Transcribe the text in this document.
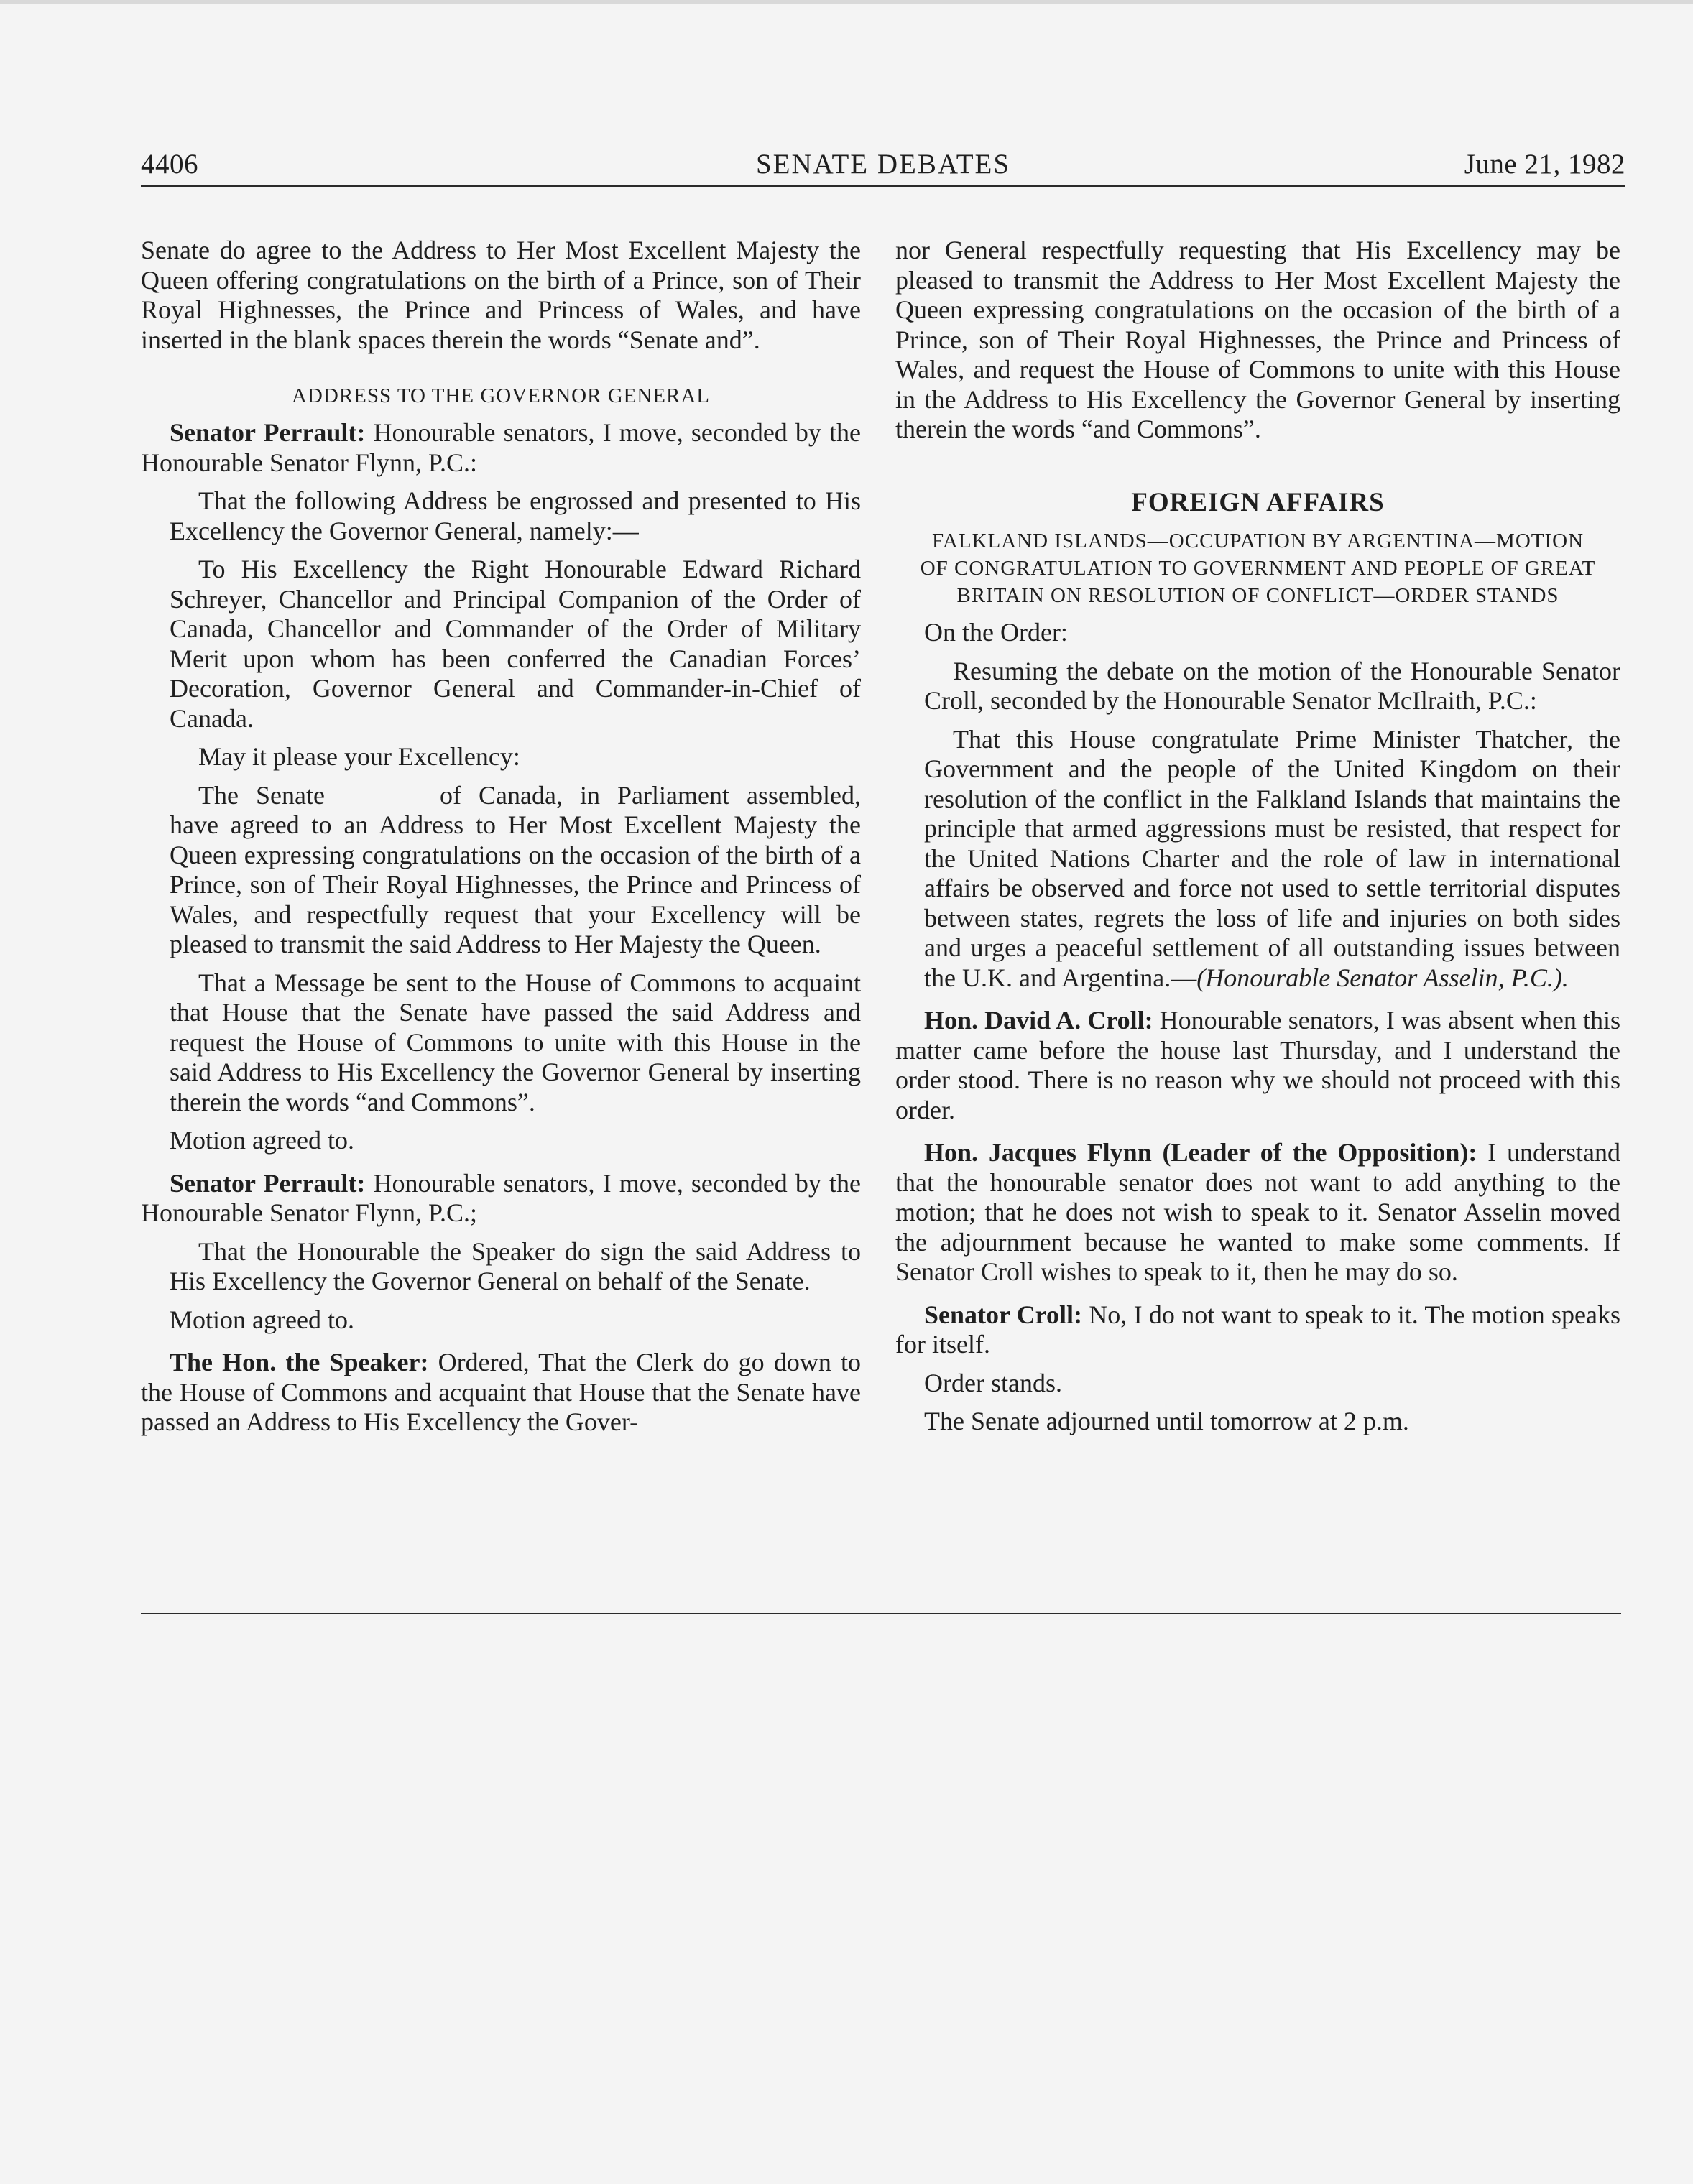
4406	SENATE DEBATES	June 21, 1982

Senate do agree to the Address to Her Most Excellent Majesty the Queen offering congratulations on the birth of a Prince, son of Their Royal Highnesses, the Prince and Princess of Wales, and have inserted in the blank spaces therein the words “Senate and”.

ADDRESS TO THE GOVERNOR GENERAL

Senator Perrault: Honourable senators, I move, seconded by the Honourable Senator Flynn, P.C.:

That the following Address be engrossed and presented to His Excellency the Governor General, namely:—

To His Excellency the Right Honourable Edward Richard Schreyer, Chancellor and Principal Companion of the Order of Canada, Chancellor and Commander of the Order of Military Merit upon whom has been conferred the Canadian Forces’ Decoration, Governor General and Commander-in-Chief of Canada.

May it please your Excellency:

The Senate	of Canada, in Parliament assembled, have agreed to an Address to Her Most Excellent Majesty the Queen expressing congratulations on the occasion of the birth of a Prince, son of Their Royal Highnesses, the Prince and Princess of Wales, and respectfully request that your Excellency will be pleased to transmit the said Address to Her Majesty the Queen.

That a Message be sent to the House of Commons to acquaint that House that the Senate have passed the said Address and request the House of Commons to unite with this House in the said Address to His Excellency the Governor General by inserting therein the words “and Commons”.

Motion agreed to.

Senator Perrault: Honourable senators, I move, seconded by the Honourable Senator Flynn, P.C.;

That the Honourable the Speaker do sign the said Address to His Excellency the Governor General on behalf of the Senate.

Motion agreed to.

The Hon. the Speaker: Ordered, That the Clerk do go down to the House of Commons and acquaint that House that the Senate have passed an Address to His Excellency the Gover-

nor General respectfully requesting that His Excellency may be pleased to transmit the Address to Her Most Excellent Majesty the Queen expressing congratulations on the occasion of the birth of a Prince, son of Their Royal Highnesses, the Prince and Princess of Wales, and request the House of Commons to unite with this House in the Address to His Excellency the Governor General by inserting therein the words “and Commons”.

FOREIGN AFFAIRS

FALKLAND ISLANDS—OCCUPATION BY ARGENTINA—MOTION

OF CONGRATULATION TO GOVERNMENT AND PEOPLE OF GREAT

BRITAIN ON RESOLUTION OF CONFLICT—ORDER STANDS

On the Order:

Resuming the debate on the motion of the Honourable Senator Croll, seconded by the Honourable Senator McIlraith, P.C.:

That this House congratulate Prime Minister Thatcher, the Government and the people of the United Kingdom on their resolution of the conflict in the Falkland Islands that maintains the principle that armed aggressions must be resisted, that respect for the United Nations Charter and the role of law in international affairs be observed and force not used to settle territorial disputes between states, regrets the loss of life and injuries on both sides and urges a peaceful settlement of all outstanding issues between the U.K. and Argentina.—(Honourable Senator Asselin, P.C.).

Hon. David A. Croll: Honourable senators, I was absent when this matter came before the house last Thursday, and I understand the order stood. There is no reason why we should not proceed with this order.

Hon. Jacques Flynn (Leader of the Opposition): I understand that the honourable senator does not want to add anything to the motion; that he does not wish to speak to it. Senator Asselin moved the adjournment because he wanted to make some comments. If Senator Croll wishes to speak to it, then he may do so.

Senator Croll: No, I do not want to speak to it. The motion speaks for itself.

Order stands.

The Senate adjourned until tomorrow at 2 p.m.
